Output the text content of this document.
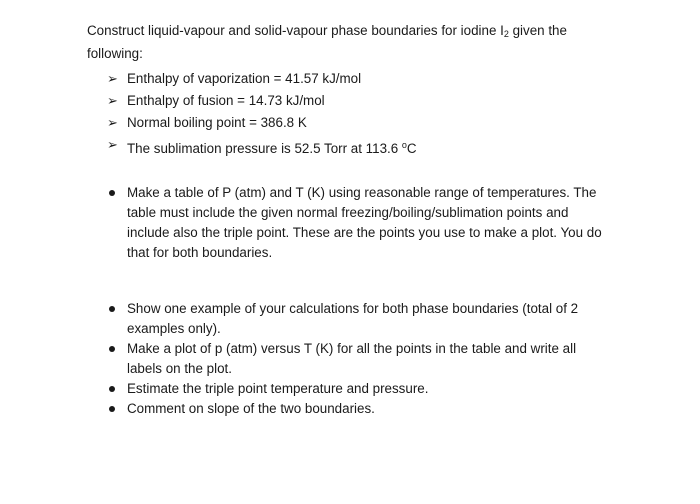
Construct liquid-vapour and solid-vapour phase boundaries for iodine $I_2$ given the following:

➢ Enthalpy of vaporization = 41.57 kJ/mol
➢ Enthalpy of fusion = 14.73 kJ/mol
➢ Normal boiling point = 386.8 K
➢ The sublimation pressure is 52.5 Torr at 113.6 $^o$C
Make a table of P (atm) and T (K) using reasonable range of temperatures. The table must include the given normal freezing/boiling/sublimation points and include also the triple point. These are the points you use to make a plot. You do that for both boundaries.
Show one example of your calculations for both phase boundaries (total of 2 examples only).
Make a plot of p (atm) versus T (K) for all the points in the table and write all labels on the plot.
Estimate the triple point temperature and pressure.
Comment on slope of the two boundaries.
